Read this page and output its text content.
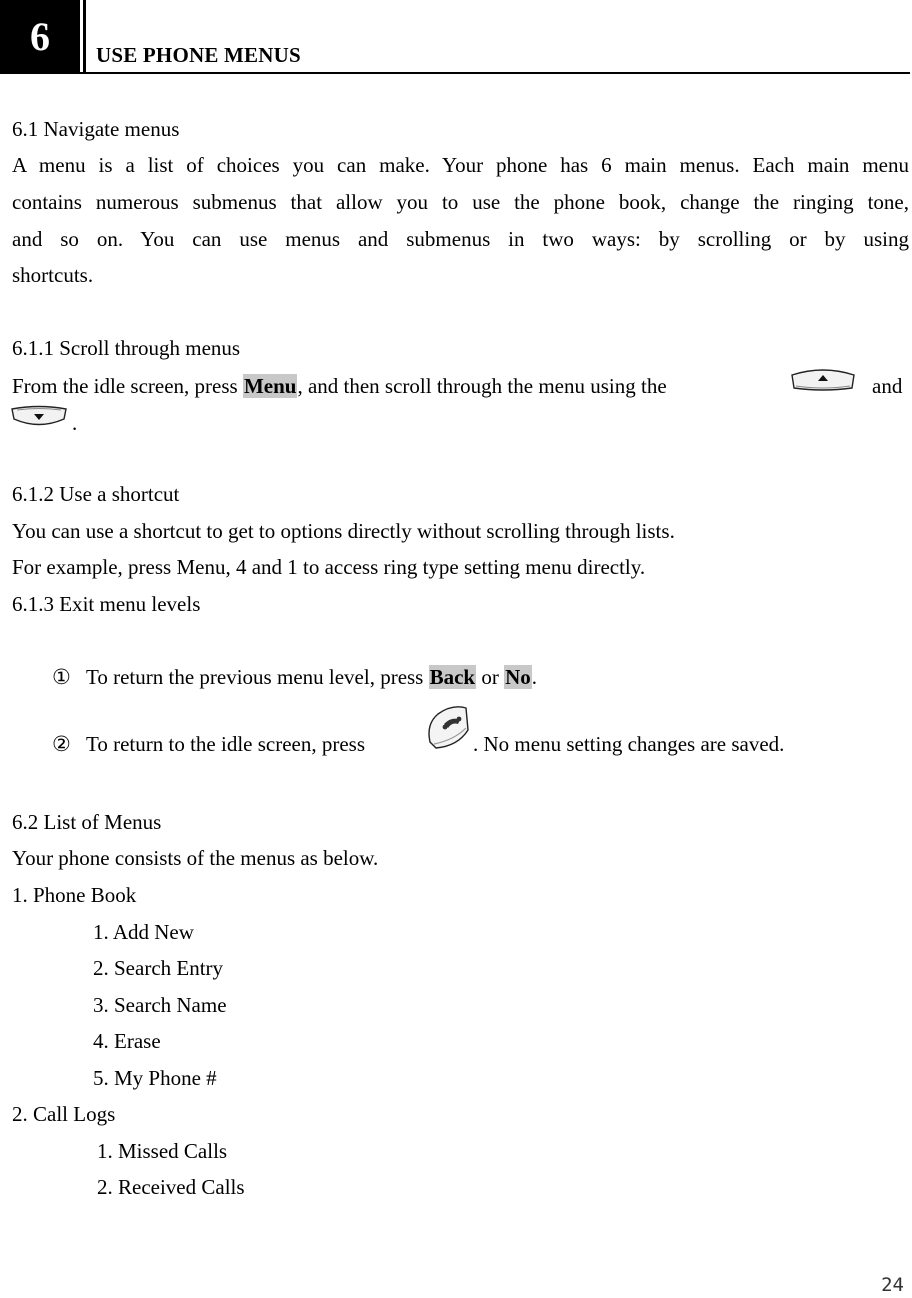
6 USE PHONE MENUS
6.1 Navigate menus
A menu is a list of choices you can make. Your phone has 6 main menus. Each main menu
contains numerous submenus that allow you to use the phone book, change the ringing tone,
and so on. You can use menus and submenus in two ways: by scrolling or by using
shortcuts.
6.1.1 Scroll through menus
From the idle screen, press Menu, and then scroll through the menu using the	and
.
6.1.2 Use a shortcut
You can use a shortcut to get to options directly without scrolling through lists.
For example, press Menu, 4 and 1 to access ring type setting menu directly.
6.1.3 Exit menu levels
① To return the previous menu level, press Back or No.
② To return to the idle screen, press	. No menu setting changes are saved.
6.2 List of Menus
Your phone consists of the menus as below.
1. Phone Book
1. Add New
2. Search Entry
3. Search Name
4. Erase
5. My Phone #
2. Call Logs
1. Missed Calls
2. Received Calls
24
